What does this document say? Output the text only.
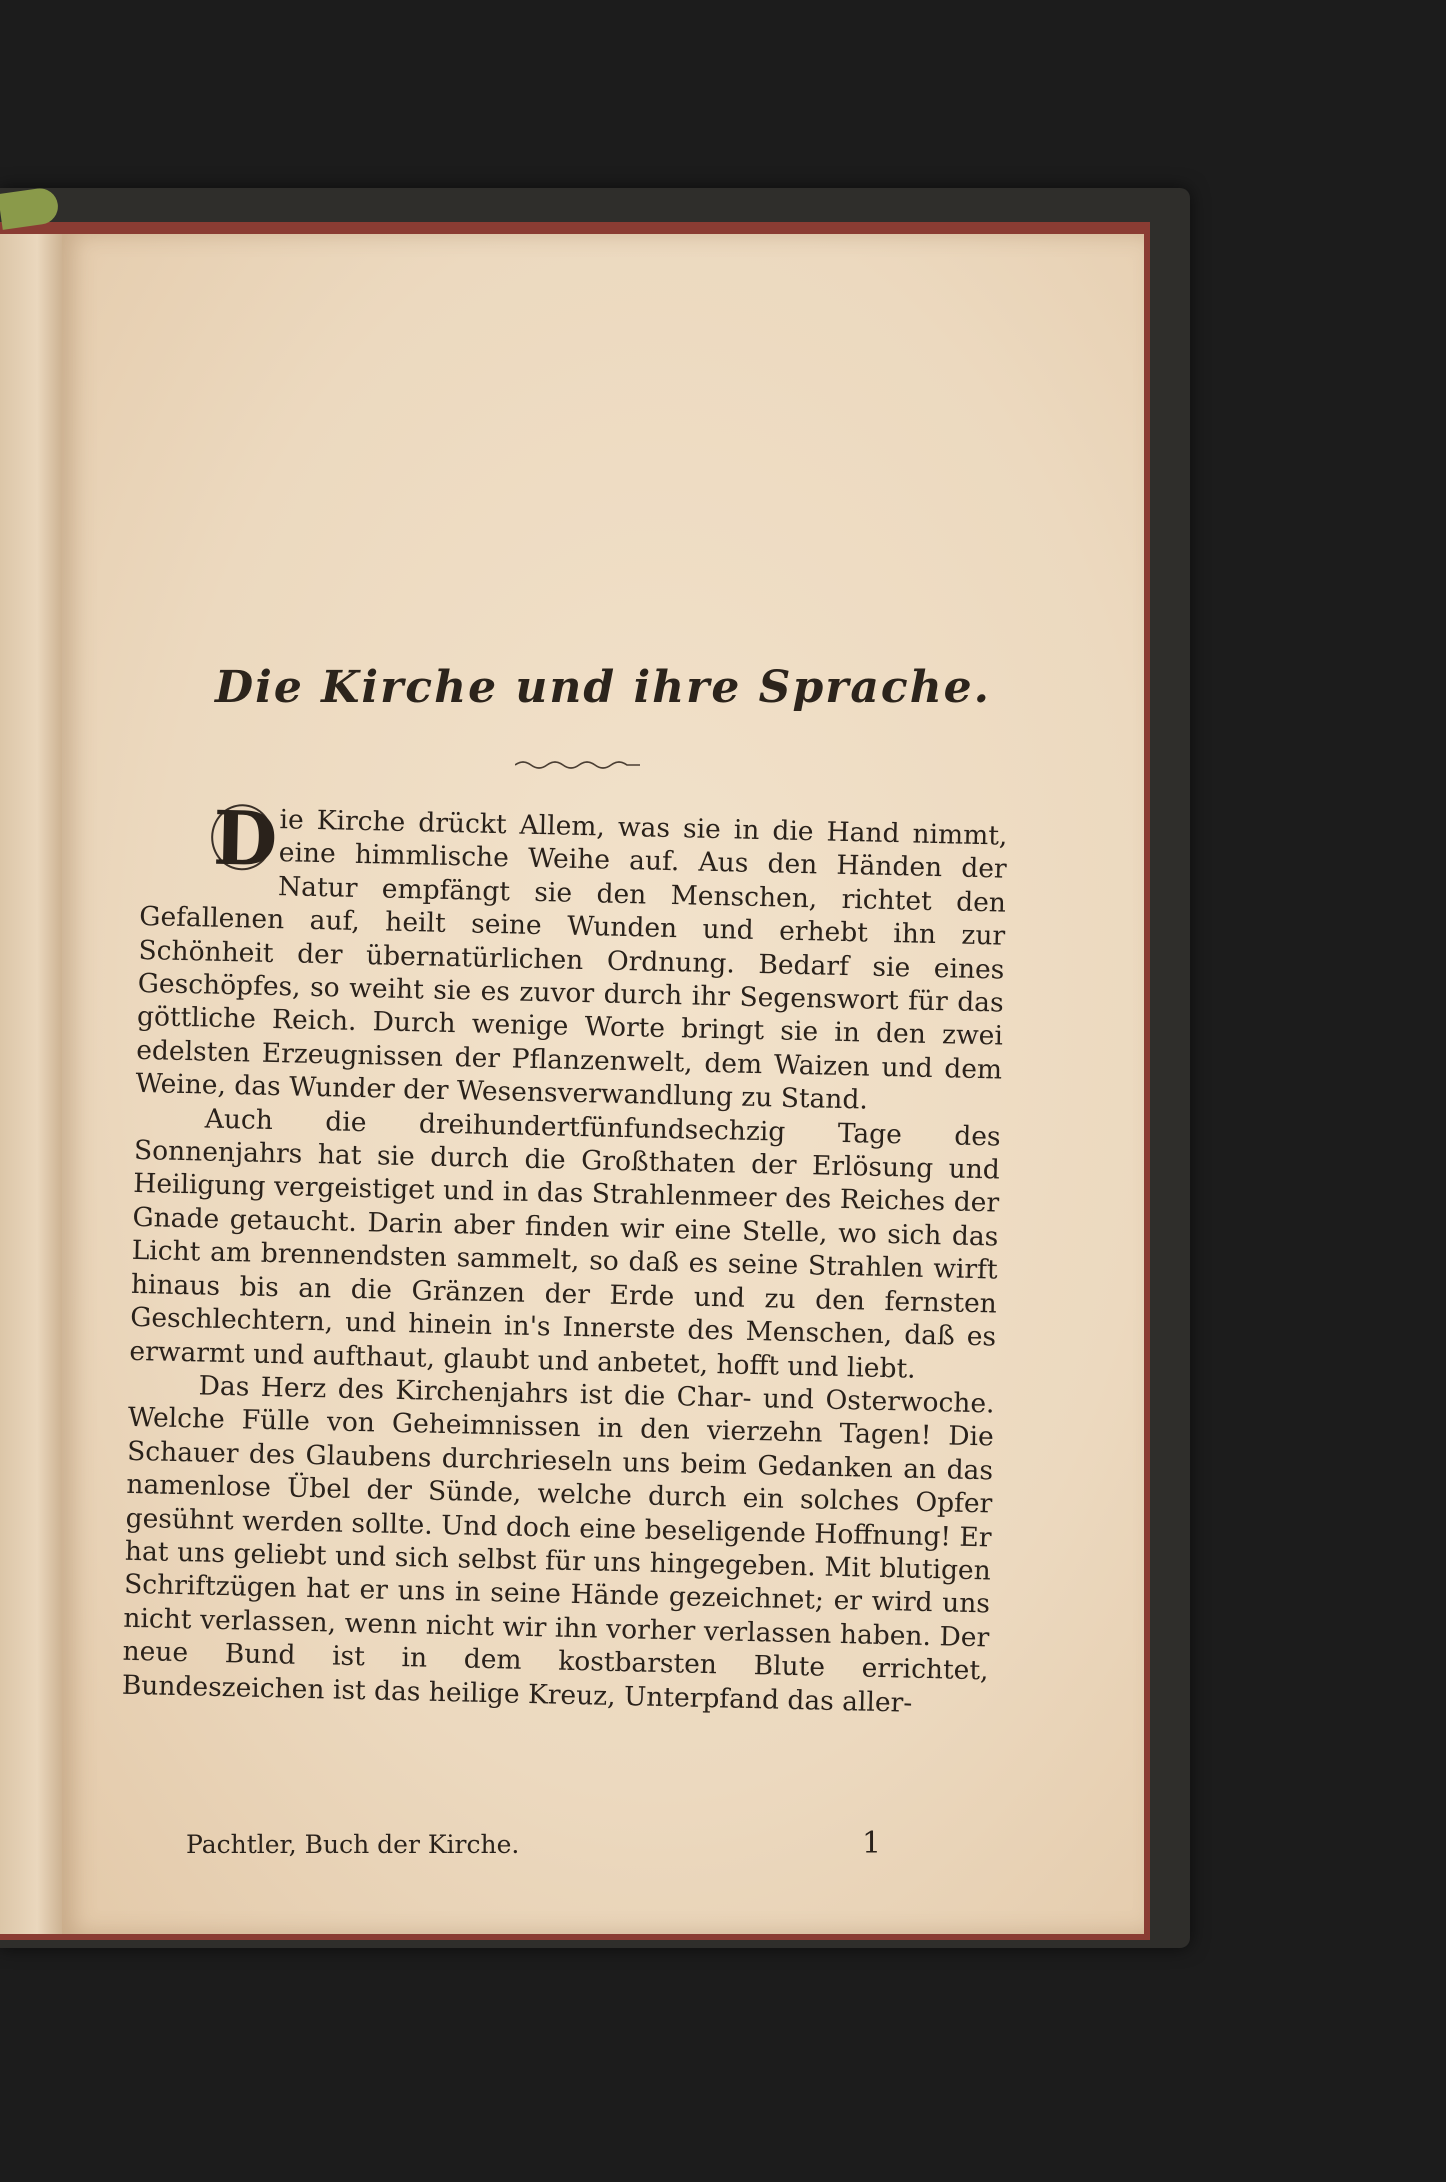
Die Kirche und ihre Sprache.

D ie Kirche drückt Allem, was sie in die Hand nimmt, eine himmlische Weihe auf. Aus den Händen der Natur empfängt sie den Menschen, richtet den Gefallenen auf, heilt seine Wunden und erhebt ihn zur Schönheit der übernatürlichen Ordnung. Bedarf sie eines Geschöpfes, so weiht sie es zuvor durch ihr Segenswort für das göttliche Reich. Durch wenige Worte bringt sie in den zwei edelsten Erzeugnissen der Pflanzenwelt, dem Waizen und dem Weine, das Wunder der Wesensverwandlung zu Stand.

Auch die dreihundertfünfundsechzig Tage des Sonnenjahrs hat sie durch die Großthaten der Erlösung und Heiligung vergeistiget und in das Strahlenmeer des Reiches der Gnade getaucht. Darin aber finden wir eine Stelle, wo sich das Licht am brennendsten sammelt, so daß es seine Strahlen wirft hinaus bis an die Gränzen der Erde und zu den fernsten Geschlechtern, und hinein in's Innerste des Menschen, daß es erwarmt und aufthaut, glaubt und anbetet, hofft und liebt.

Das Herz des Kirchenjahrs ist die Char- und Osterwoche. Welche Fülle von Geheimnissen in den vierzehn Tagen! Die Schauer des Glaubens durchrieseln uns beim Gedanken an das namenlose Übel der Sünde, welche durch ein solches Opfer gesühnt werden sollte. Und doch eine beseligende Hoffnung! Er hat uns geliebt und sich selbst für uns hingegeben. Mit blutigen Schriftzügen hat er uns in seine Hände gezeichnet; er wird uns nicht verlassen, wenn nicht wir ihn vorher verlassen haben. Der neue Bund ist in dem kostbarsten Blute errichtet, Bundeszeichen ist das heilige Kreuz, Unterpfand das aller-

Pachtler, Buch der Kirche.	1
